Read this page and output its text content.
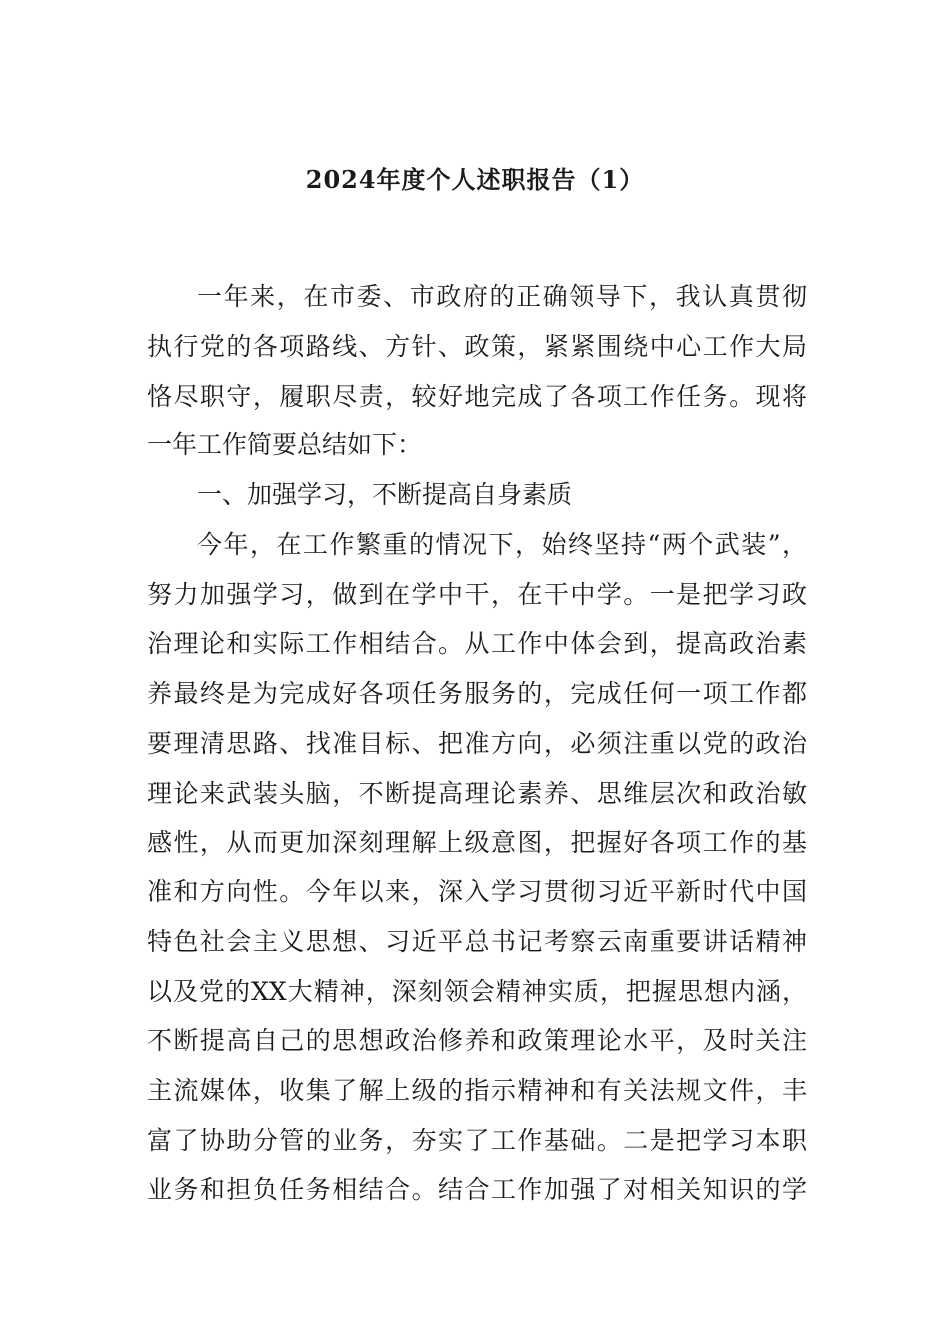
2024年度个人述职报告（1）
一年来，在市委、市政府的正确领导下，我认真贯彻
执行党的各项路线、方针、政策，紧紧围绕中心工作大局
恪尽职守，履职尽责，较好地完成了各项工作任务。现将
一年工作简要总结如下：
一、加强学习，不断提高自身素质
今年，在工作繁重的情况下，始终坚持“两个武装”，
努力加强学习，做到在学中干，在干中学。一是把学习政
治理论和实际工作相结合。从工作中体会到，提高政治素
养最终是为完成好各项任务服务的，完成任何一项工作都
要理清思路、找准目标、把准方向，必须注重以党的政治
理论来武装头脑，不断提高理论素养、思维层次和政治敏
感性，从而更加深刻理解上级意图，把握好各项工作的基
准和方向性。今年以来，深入学习贯彻习近平新时代中国
特色社会主义思想、习近平总书记考察云南重要讲话精神
以及党的XX大精神，深刻领会精神实质，把握思想内涵，
不断提高自己的思想政治修养和政策理论水平，及时关注
主流媒体，收集了解上级的指示精神和有关法规文件，丰
富了协助分管的业务，夯实了工作基础。二是把学习本职
业务和担负任务相结合。结合工作加强了对相关知识的学
